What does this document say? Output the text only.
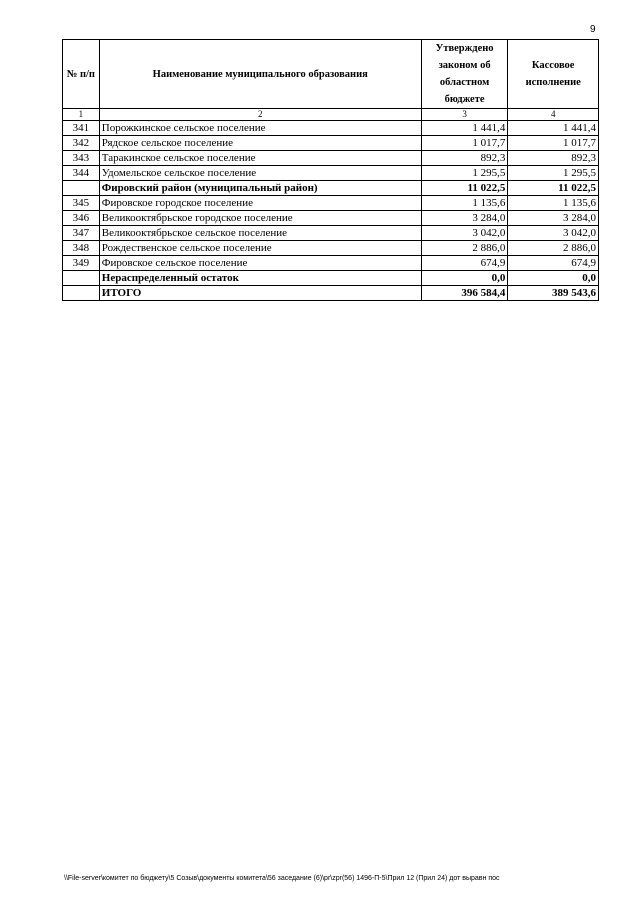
9
№ п/п	Наименование муниципального образования	Утверждено законом об областном бюджете	Кассовое исполнение
1	2	3	4
341	Порожкинское сельское поселение	1 441,4	1 441,4
342	Рядское сельское поселение	1 017,7	1 017,7
343	Таракинское сельское поселение	892,3	892,3
344	Удомельское сельское поселение	1 295,5	1 295,5
	Фировский район (муниципальный район)	11 022,5	11 022,5
345	Фировское городское поселение	1 135,6	1 135,6
346	Великооктябрьское городское поселение	3 284,0	3 284,0
347	Великооктябрьское сельское поселение	3 042,0	3 042,0
348	Рождественское сельское поселение	2 886,0	2 886,0
349	Фировское сельское поселение	674,9	674,9
	Нераспределенный остаток	0,0	0,0
	ИТОГО	396 584,4	389 543,6
\\File-server\комитет по бюджету\5 Созыв\документы комитета\56 заседание (6)\pr\zpr(56) 1496-П-5\Прил 12 (Прил 24) дот выравн пос
